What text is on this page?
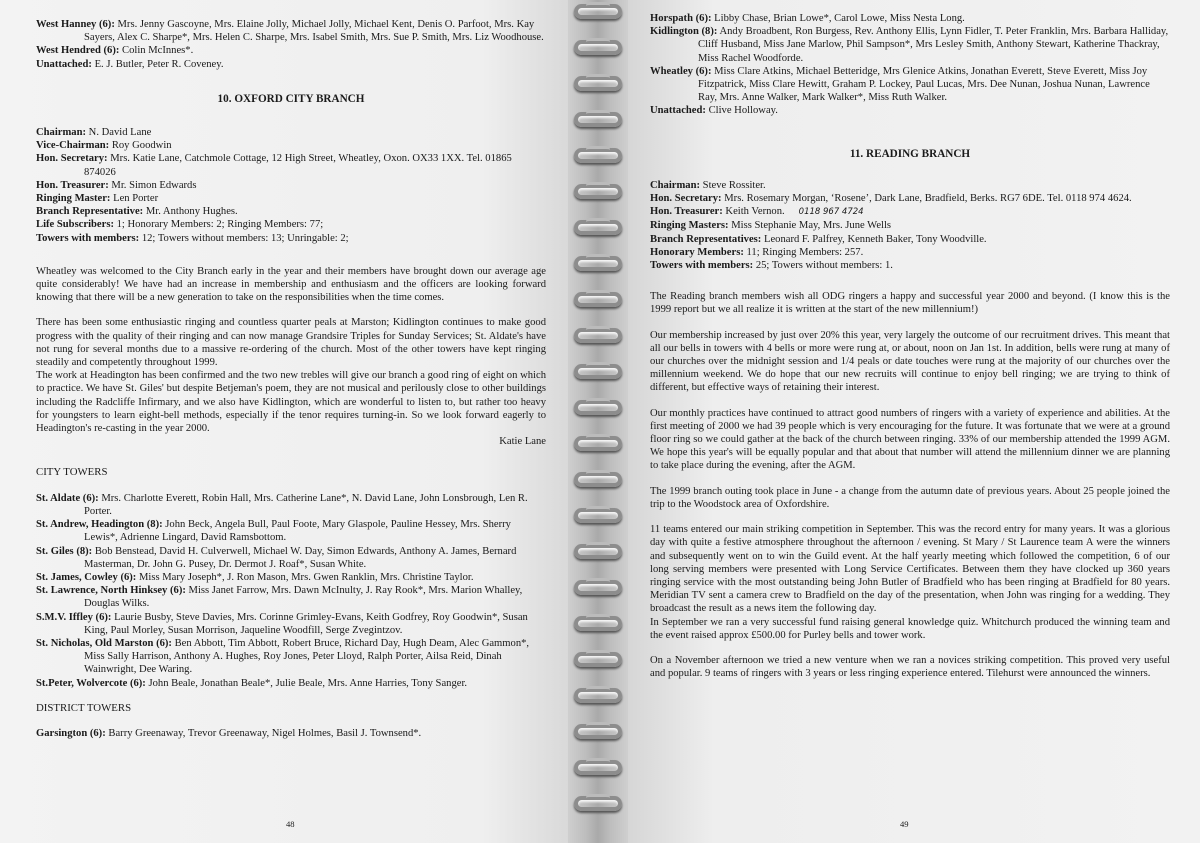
West Hanney (6): Mrs. Jenny Gascoyne, Mrs. Elaine Jolly, Michael Jolly, Michael Kent, Denis O. Parfoot, Mrs. Kay Sayers, Alex C. Sharpe*, Mrs. Helen C. Sharpe, Mrs. Isabel Smith, Mrs. Sue P. Smith, Mrs. Liz Woodhouse.
West Hendred (6): Colin McInnes*.
Unattached: E. J. Butler, Peter R. Coveney.
10. OXFORD CITY BRANCH
Chairman: N. David Lane
Vice-Chairman: Roy Goodwin
Hon. Secretary: Mrs. Katie Lane, Catchmole Cottage, 12 High Street, Wheatley, Oxon. OX33 1XX. Tel. 01865 874026
Hon. Treasurer: Mr. Simon Edwards
Ringing Master: Len Porter
Branch Representative: Mr. Anthony Hughes.
Life Subscribers: 1; Honorary Members: 2; Ringing Members: 77;
Towers with members: 12; Towers without members: 13; Unringable: 2;

Wheatley was welcomed to the City Branch early in the year and their members have brought down our average age quite considerably! We have had an increase in membership and enthusiasm and the officers are looking forward knowing that there will be a new generation to take on the responsibilities when the time comes.

There has been some enthusiastic ringing and countless quarter peals at Marston; Kidlington continues to make good progress with the quality of their ringing and can now manage Grandsire Triples for Sunday Services; St. Aldate's have not rung for several months due to a massive re-ordering of the church. Most of the other towers have kept ringing steadily and competently throughout 1999.

The work at Headington has been confirmed and the two new trebles will give our branch a good ring of eight on which to practice. We have St. Giles' but despite Betjeman's poem, they are not musical and perilously close to other buildings including the Radcliffe Infirmary, and we also have Kidlington, which are wonderful to listen to, but rather too heavy for youngsters to learn eight-bell methods, especially if the tenor requires turning-in. So we look forward eagerly to Headington's re-casting in the year 2000.

Katie Lane
CITY TOWERS
St. Aldate (6): Mrs. Charlotte Everett, Robin Hall, Mrs. Catherine Lane*, N. David Lane, John Lonsbrough, Len R. Porter.
St. Andrew, Headington (8): John Beck, Angela Bull, Paul Foote, Mary Glaspole, Pauline Hessey, Mrs. Sherry Lewis*, Adrienne Lingard, David Ramsbottom.
St. Giles (8): Bob Benstead, David H. Culverwell, Michael W. Day, Simon Edwards, Anthony A. James, Bernard Masterman, Dr. John G. Pusey, Dr. Dermot J. Roaf*, Susan White.
St. James, Cowley (6): Miss Mary Joseph*, J. Ron Mason, Mrs. Gwen Ranklin, Mrs. Christine Taylor.
St. Lawrence, North Hinksey (6): Miss Janet Farrow, Mrs. Dawn McInulty, J. Ray Rook*, Mrs. Marion Whalley, Douglas Wilks.
S.M.V. Iffley (6): Laurie Busby, Steve Davies, Mrs. Corinne Grimley-Evans, Keith Godfrey, Roy Goodwin*, Susan King, Paul Morley, Susan Morrison, Jaqueline Woodfill, Serge Zvegintzov.
St. Nicholas, Old Marston (6): Ben Abbott, Tim Abbott, Robert Bruce, Richard Day, Hugh Deam, Alec Gammon*, Miss Sally Harrison, Anthony A. Hughes, Roy Jones, Peter Lloyd, Ralph Porter, Ailsa Reid, Dinah Wainwright, Dee Waring.
St.Peter, Wolvercote (6): John Beale, Jonathan Beale*, Julie Beale, Mrs. Anne Harries, Tony Sanger.
DISTRICT TOWERS
Garsington (6): Barry Greenaway, Trevor Greenaway, Nigel Holmes, Basil J. Townsend*.
48
Horspath (6): Libby Chase, Brian Lowe*, Carol Lowe, Miss Nesta Long.
Kidlington (8): Andy Broadbent, Ron Burgess, Rev. Anthony Ellis, Lynn Fidler, T. Peter Franklin, Mrs. Barbara Halliday, Cliff Husband, Miss Jane Marlow, Phil Sampson*, Mrs Lesley Smith, Anthony Stewart, Katherine Thackray, Miss Rachel Woodforde.
Wheatley (6): Miss Clare Atkins, Michael Betteridge, Mrs Glenice Atkins, Jonathan Everett, Steve Everett, Miss Joy Fitzpatrick, Miss Clare Hewitt, Graham P. Lockey, Paul Lucas, Mrs. Dee Nunan, Joshua Nunan, Lawrence Ray, Mrs. Anne Walker, Mark Walker*, Miss Ruth Walker.
Unattached: Clive Holloway.
11. READING BRANCH
Chairman: Steve Rossiter.
Hon. Secretary: Mrs. Rosemary Morgan, ‘Rosene’, Dark Lane, Bradfield, Berks. RG7 6DE. Tel. 0118 974 4624.
Hon. Treasurer: Keith Vernon. 0118 967 4724
Ringing Masters: Miss Stephanie May, Mrs. June Wells
Branch Representatives: Leonard F. Palfrey, Kenneth Baker, Tony Woodville.
Honorary Members: 11; Ringing Members: 257.
Towers with members: 25; Towers without members: 1.

The Reading branch members wish all ODG ringers a happy and successful year 2000 and beyond. (I know this is the 1999 report but we all realize it is written at the start of the new millennium!)

Our membership increased by just over 20% this year, very largely the outcome of our recruitment drives. This meant that all our bells in towers with 4 bells or more were rung at, or about, noon on Jan 1st. In addition, bells were rung at many of our churches over the midnight session and 1/4 peals or date touches were rung at the majority of our churches over the millennium weekend. We do hope that our new recruits will continue to enjoy bell ringing; we are trying to think of different, but effective ways of retaining their interest.

Our monthly practices have continued to attract good numbers of ringers with a variety of experience and abilities. At the first meeting of 2000 we had 39 people which is very encouraging for the future. It was fortunate that we were at a ground floor ring so we could gather at the back of the church between ringing. 33% of our membership attended the 1999 AGM. We hope this year's will be equally popular and that about that number will attend the millennium dinner we are planning to take place during the evening, after the AGM.

The 1999 branch outing took place in June - a change from the autumn date of previous years. About 25 people joined the trip to the Woodstock area of Oxfordshire.

11 teams entered our main striking competition in September. This was the record entry for many years. It was a glorious day with quite a festive atmosphere throughout the afternoon / evening. St Mary / St Laurence team A were the winners and subsequently went on to win the Guild event. At the half yearly meeting which followed the competition, 6 of our long serving members were presented with Long Service Certificates. Between them they have clocked up 360 years ringing service with the most outstanding being John Butler of Bradfield who has been ringing at Bradfield for 80 years. Meridian TV sent a camera crew to Bradfield on the day of the presentation, when John was ringing for a wedding. They broadcast the result as a news item the following day.

In September we ran a very successful fund raising general knowledge quiz. Whitchurch produced the winning team and the event raised approx £500.00 for Purley bells and tower work.

On a November afternoon we tried a new venture when we ran a novices striking competition. This proved very useful and popular. 9 teams of ringers with 3 years or less ringing experience entered. Tilehurst were announced the winners.

49
